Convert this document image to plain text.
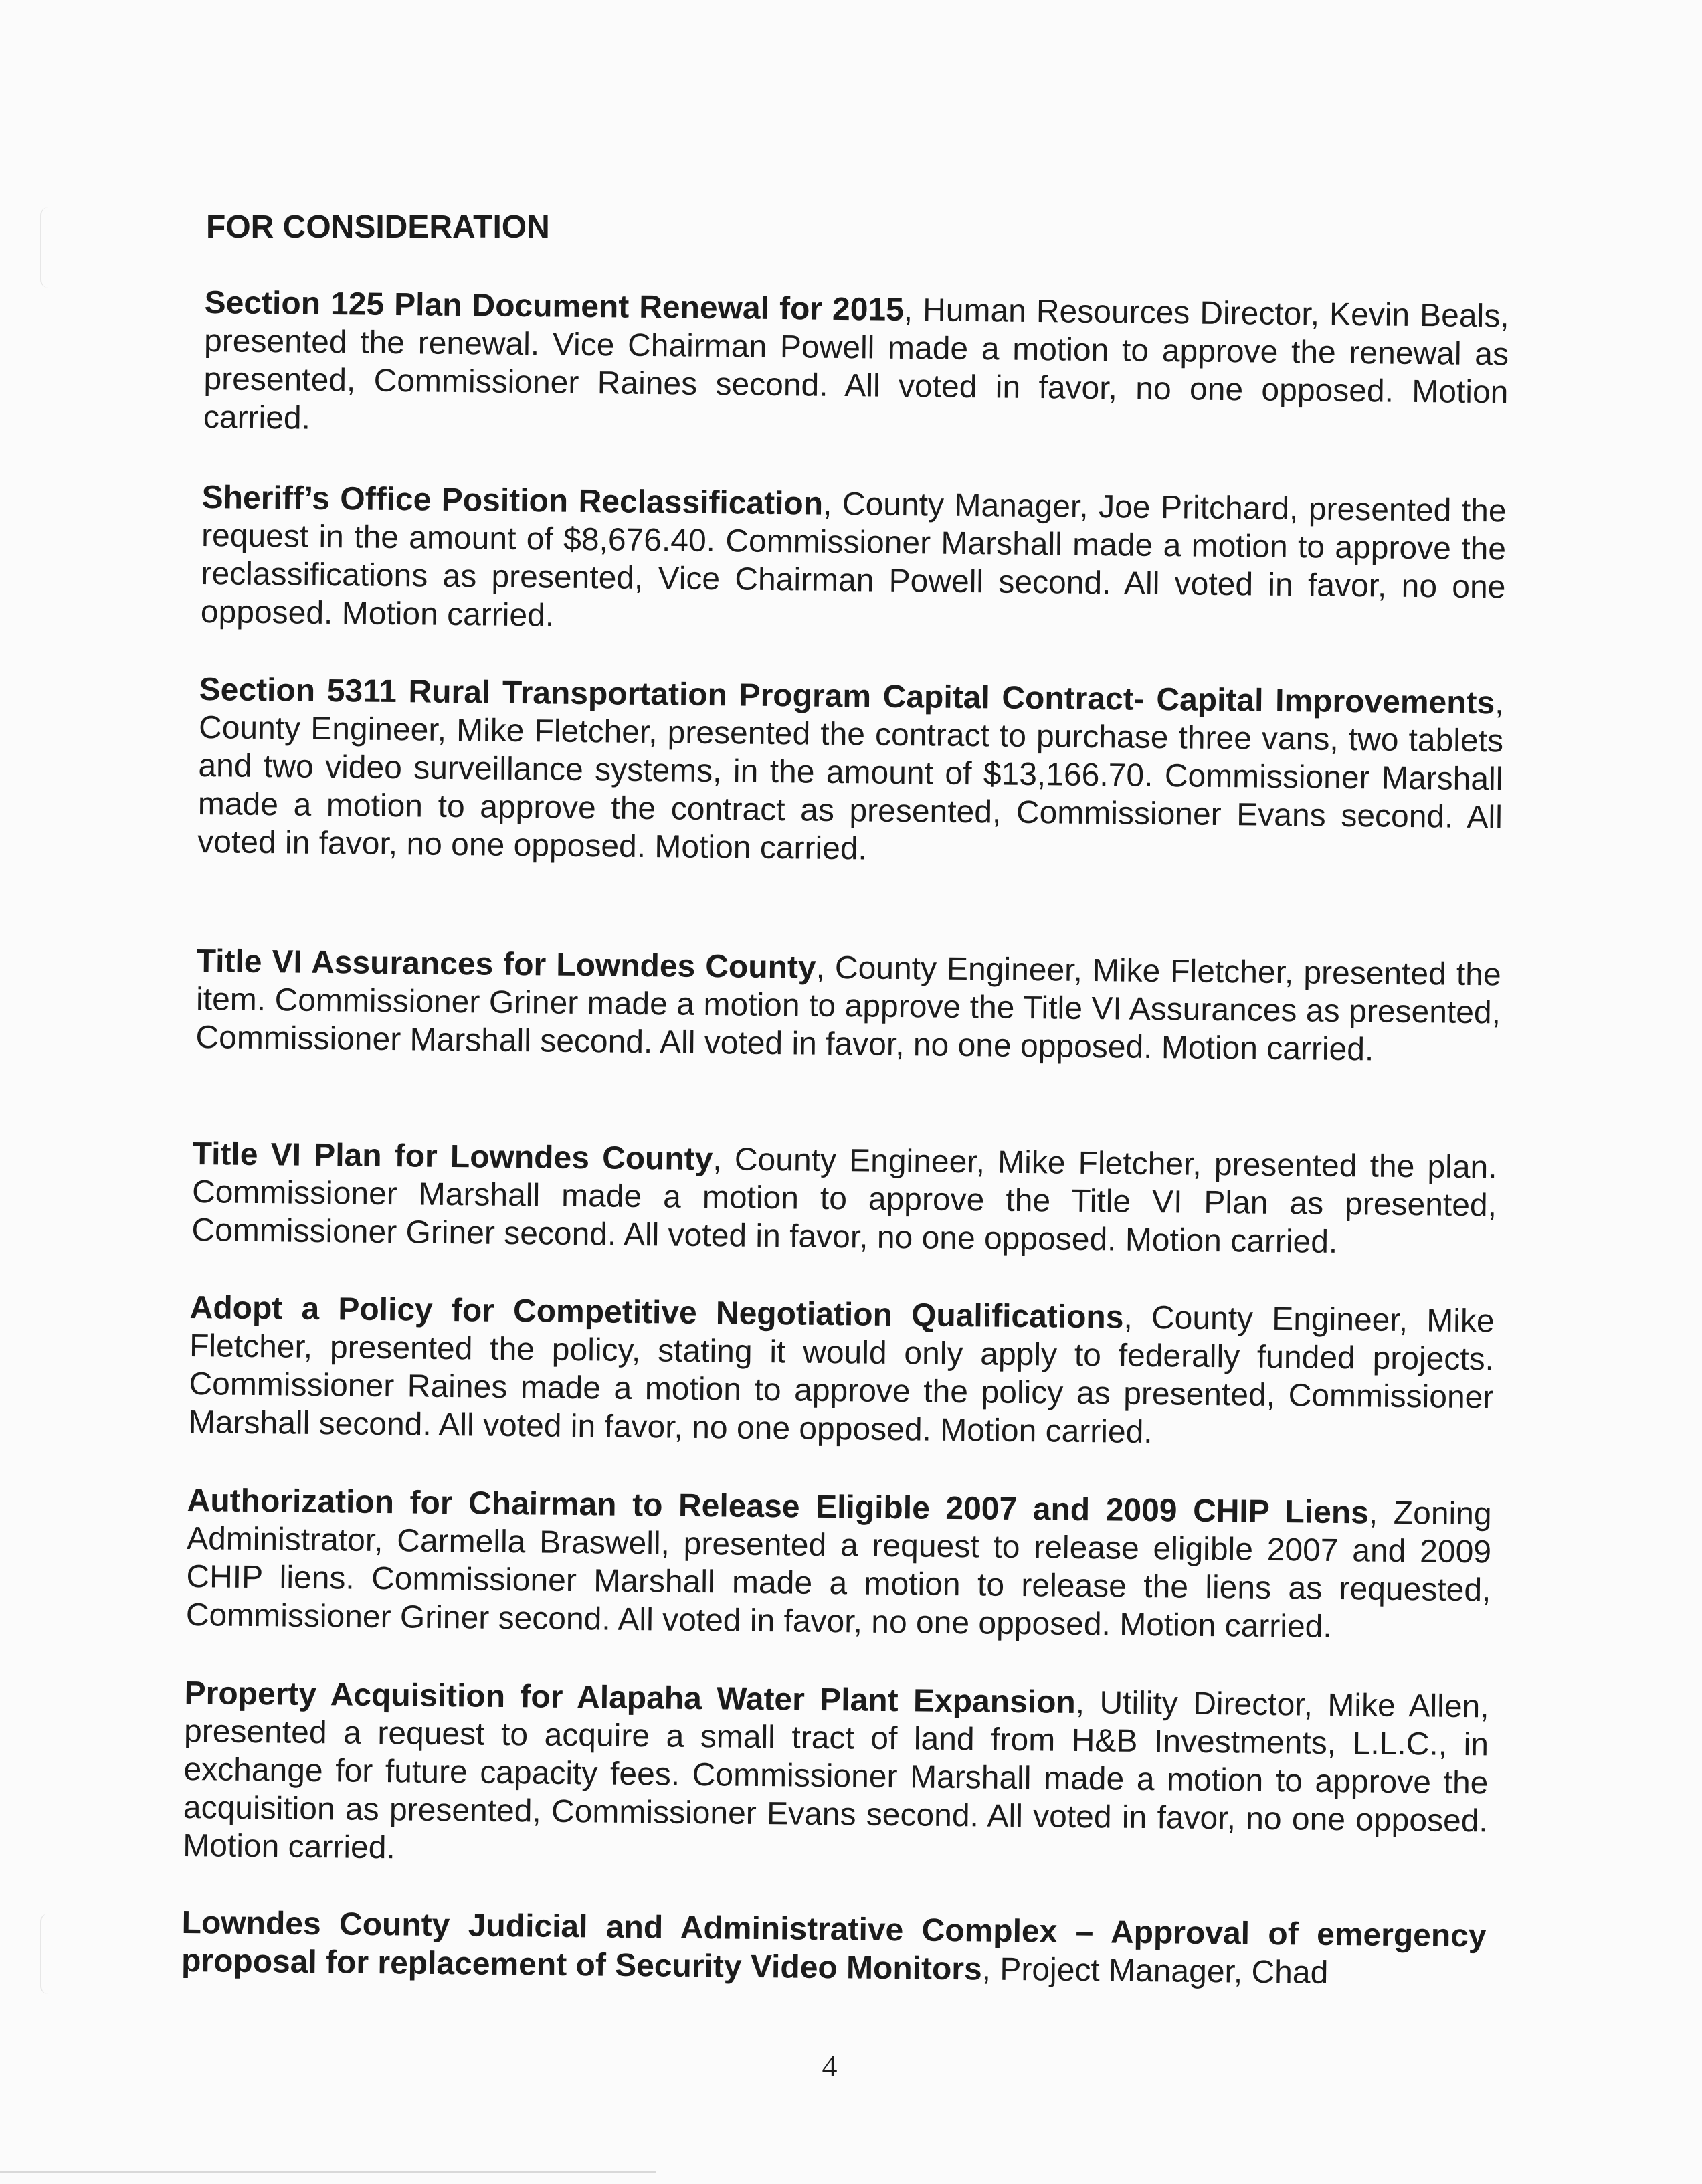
FOR CONSIDERATION

Section 125 Plan Document Renewal for 2015, Human Resources Director, Kevin Beals, presented the renewal. Vice Chairman Powell made a motion to approve the renewal as presented, Commissioner Raines second. All voted in favor, no one opposed. Motion carried.

Sheriff’s Office Position Reclassification, County Manager, Joe Pritchard, presented the request in the amount of $8,676.40. Commissioner Marshall made a motion to approve the reclassifications as presented, Vice Chairman Powell second. All voted in favor, no one opposed. Motion carried.

Section 5311 Rural Transportation Program Capital Contract- Capital Improvements, County Engineer, Mike Fletcher, presented the contract to purchase three vans, two tablets and two video surveillance systems, in the amount of $13,166.70. Commissioner Marshall made a motion to approve the contract as presented, Commissioner Evans second. All voted in favor, no one opposed. Motion carried.

Title VI Assurances for Lowndes County, County Engineer, Mike Fletcher, presented the item. Commissioner Griner made a motion to approve the Title VI Assurances as presented, Commissioner Marshall second. All voted in favor, no one opposed. Motion carried.

Title VI Plan for Lowndes County, County Engineer, Mike Fletcher, presented the plan. Commissioner Marshall made a motion to approve the Title VI Plan as presented, Commissioner Griner second. All voted in favor, no one opposed. Motion carried.

Adopt a Policy for Competitive Negotiation Qualifications, County Engineer, Mike Fletcher, presented the policy, stating it would only apply to federally funded projects. Commissioner Raines made a motion to approve the policy as presented, Commissioner Marshall second. All voted in favor, no one opposed. Motion carried.

Authorization for Chairman to Release Eligible 2007 and 2009 CHIP Liens, Zoning Administrator, Carmella Braswell, presented a request to release eligible 2007 and 2009 CHIP liens. Commissioner Marshall made a motion to release the liens as requested, Commissioner Griner second. All voted in favor, no one opposed. Motion carried.

Property Acquisition for Alapaha Water Plant Expansion, Utility Director, Mike Allen, presented a request to acquire a small tract of land from H&B Investments, L.L.C., in exchange for future capacity fees. Commissioner Marshall made a motion to approve the acquisition as presented, Commissioner Evans second. All voted in favor, no one opposed. Motion carried.

Lowndes County Judicial and Administrative Complex – Approval of emergency proposal for replacement of Security Video Monitors, Project Manager, Chad

4
